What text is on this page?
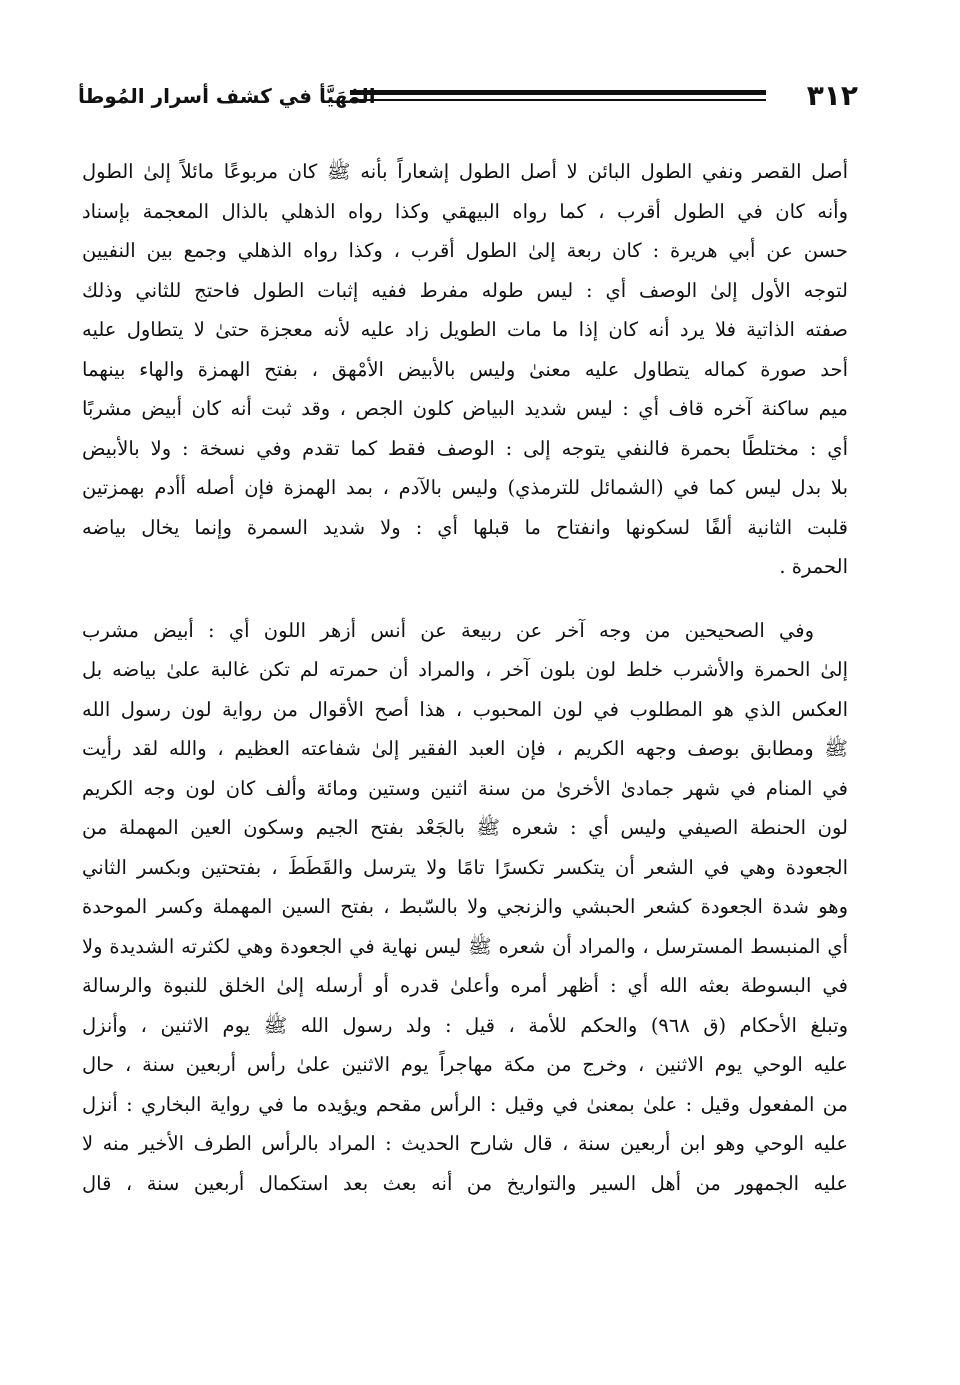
٣١٢
المُهَيَّأ في كشف أسرار المُوطأ
أصل القصر ونفي الطول البائن لا أصل الطول إشعاراً بأنه ﷺ كان مربوعًا مائلاً إلىٰ الطول
وأنه كان في الطول أقرب ، كما رواه البيهقي وكذا رواه الذهلي بالذال المعجمة بإسناد
حسن عن أبي هريرة : كان ربعة إلىٰ الطول أقرب ، وكذا رواه الذهلي وجمع بين النفيين
لتوجه الأول إلىٰ الوصف أي : ليس طوله مفرط ففيه إثبات الطول فاحتج للثاني وذلك
صفته الذاتية فلا يرد أنه كان إذا ما مات الطويل زاد عليه لأنه معجزة حتىٰ لا يتطاول عليه
أحد صورة كماله يتطاول عليه معنىٰ وليس بالأبيض الأمْهق ، بفتح الهمزة والهاء بينهما
ميم ساكنة آخره قاف أي : ليس شديد البياض كلون الجص ، وقد ثبت أنه كان أبيض مشربًا
أي : مختلطًا بحمرة فالنفي يتوجه إلى : الوصف فقط كما تقدم وفي نسخة : ولا بالأبيض
بلا بدل ليس كما في (الشمائل للترمذي) وليس بالآدم ، بمد الهمزة فإن أصله أأدم بهمزتين
قلبت الثانية ألفًا لسكونها وانفتاح ما قبلها أي : ولا شديد السمرة وإنما يخال بياضه
الحمرة .
وفي الصحيحين من وجه آخر عن ربيعة عن أنس أزهر اللون أي : أبيض مشرب
إلىٰ الحمرة والأشرب خلط لون بلون آخر ، والمراد أن حمرته لم تكن غالبة علىٰ بياضه بل
العكس الذي هو المطلوب في لون المحبوب ، هذا أصح الأقوال من رواية لون رسول الله
ﷺ ومطابق بوصف وجهه الكريم ، فإن العبد الفقير إلىٰ شفاعته العظيم ، والله لقد رأيت
في المنام في شهر جمادىٰ الأخرىٰ من سنة اثنين وستين ومائة وألف كان لون وجه الكريم
لون الحنطة الصيفي وليس أي : شعره ﷺ بالجَعْد بفتح الجيم وسكون العين المهملة من
الجعودة وهي في الشعر أن يتكسر تكسرًا تامًا ولا يترسل والقَطَطَ ، بفتحتين وبكسر الثاني
وهو شدة الجعودة كشعر الحبشي والزنجي ولا بالسّبط ، بفتح السين المهملة وكسر الموحدة
أي المنبسط المسترسل ، والمراد أن شعره ﷺ ليس نهاية في الجعودة وهي لكثرته الشديدة ولا
في البسوطة بعثه الله أي : أظهر أمره وأعلىٰ قدره أو أرسله إلىٰ الخلق للنبوة والرسالة
وتبلغ الأحكام (ق ٩٦٨) والحكم للأمة ، قيل : ولد رسول الله ﷺ يوم الاثنين ، وأنزل
عليه الوحي يوم الاثنين ، وخرج من مكة مهاجراً يوم الاثنين علىٰ رأس أربعين سنة ، حال
من المفعول وقيل : علىٰ بمعنىٰ في وقيل : الرأس مقحم ويؤيده ما في رواية البخاري : أنزل
عليه الوحي وهو ابن أربعين سنة ، قال شارح الحديث : المراد بالرأس الطرف الأخير منه لا
عليه الجمهور من أهل السير والتواريخ من أنه بعث بعد استكمال أربعين سنة ، قال
